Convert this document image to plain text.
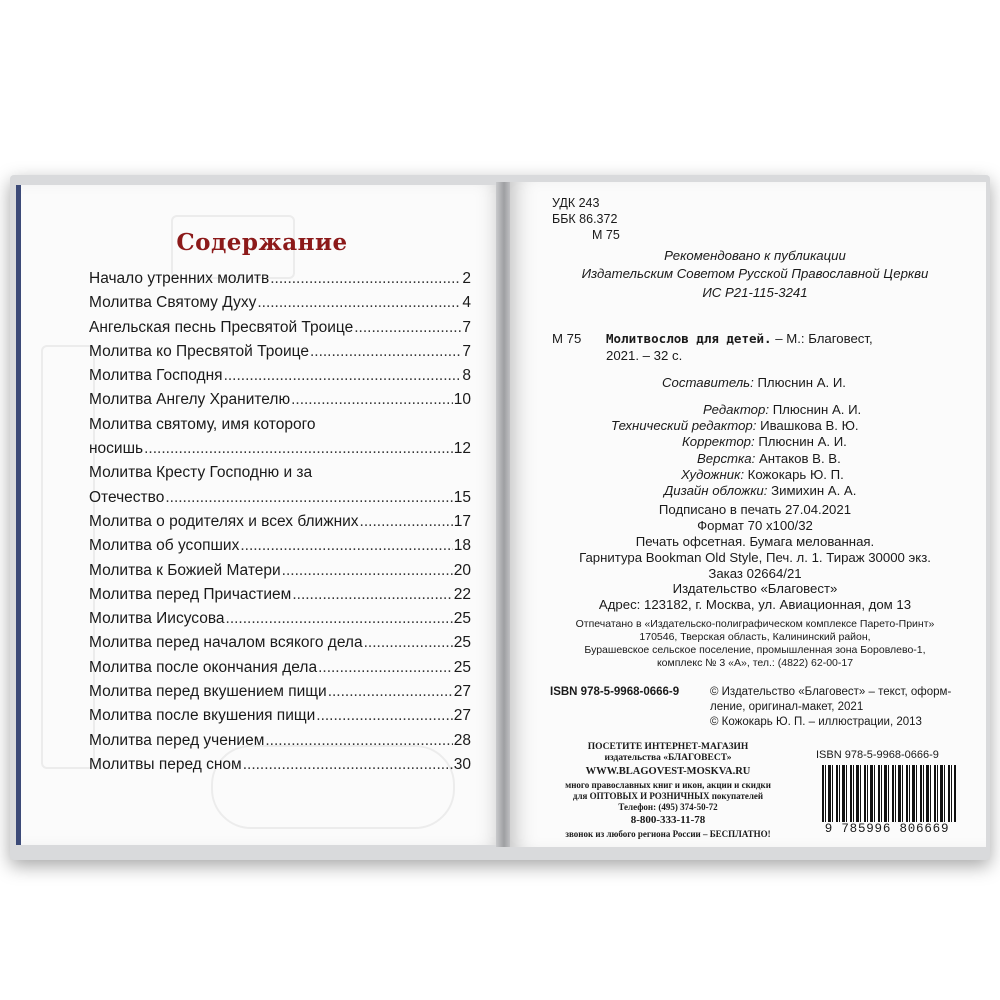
Содержание
Начало утренних молитв .....	2
Молитва Святому Духу .....	4
Ангельская песнь Пресвятой Троице .....	7
Молитва ко Пресвятой Троице .....	7
Молитва Господня .....	8
Молитва Ангелу Хранителю .....	10
Молитва святому, имя которого
носишь .....	12
Молитва Кресту Господню и за
Отечество .....	15
Молитва о родителях и всех ближних .....	17
Молитва об усопших .....	18
Молитва к Божией Матери .....	20
Молитва перед Причастием .....	22
Молитва Иисусова .....	25
Молитва перед началом всякого дела .....	25
Молитва после окончания дела .....	25
Молитва перед вкушением пищи .....	27
Молитва после вкушения пищи .....	27
Молитва перед учением .....	28
Молитвы перед сном .....	30
УДК 243
ББК 86.372
М 75
Рекомендовано к публикации
Издательским Советом Русской Православной Церкви
ИС Р21-115-3241
М 75 Молитвослов для детей. – М.: Благовест,
2021. – 32 с.
Составитель: Плюснин А. И.
Редактор: Плюснин А. И.
Технический редактор: Ивашкова В. Ю.
Корректор: Плюснин А. И.
Верстка: Антаков В. В.
Художник: Кожокарь Ю. П.
Дизайн обложки: Зимихин А. А.
Подписано в печать 27.04.2021
Формат 70 х100/32
Печать офсетная. Бумага мелованная.
Гарнитура Bookman Old Style, Печ. л. 1. Тираж 30000 экз.
Заказ 02664/21
Издательство «Благовест»
Адрес: 123182, г. Москва, ул. Авиационная, дом 13
Отпечатано в «Издательско-полиграфическом комплексе Парето-Принт»
170546, Тверская область, Калининский район,
Бурашевское сельское поселение, промышленная зона Боровлево-1,
комплекс № 3 «А», тел.: (4822) 62-00-17
ISBN 978-5-9968-0666-9	© Издательство «Благовест» – текст, оформ-
ление, оригинал-макет, 2021
© Кожокарь Ю. П. – иллюстрации, 2013
ПОСЕТИТЕ ИНТЕРНЕТ-МАГАЗИН
издательства «БЛАГОВЕСТ»
WWW.BLAGOVEST-MOSKVA.RU
много православных книг и икон, акции и скидки
для ОПТОВЫХ И РОЗНИЧНЫХ покупателей
Телефон: (495) 374-50-72
8-800-333-11-78
звонок из любого региона России – БЕСПЛАТНО!
ISBN 978-5-9968-0666-9
9 785996 806669
